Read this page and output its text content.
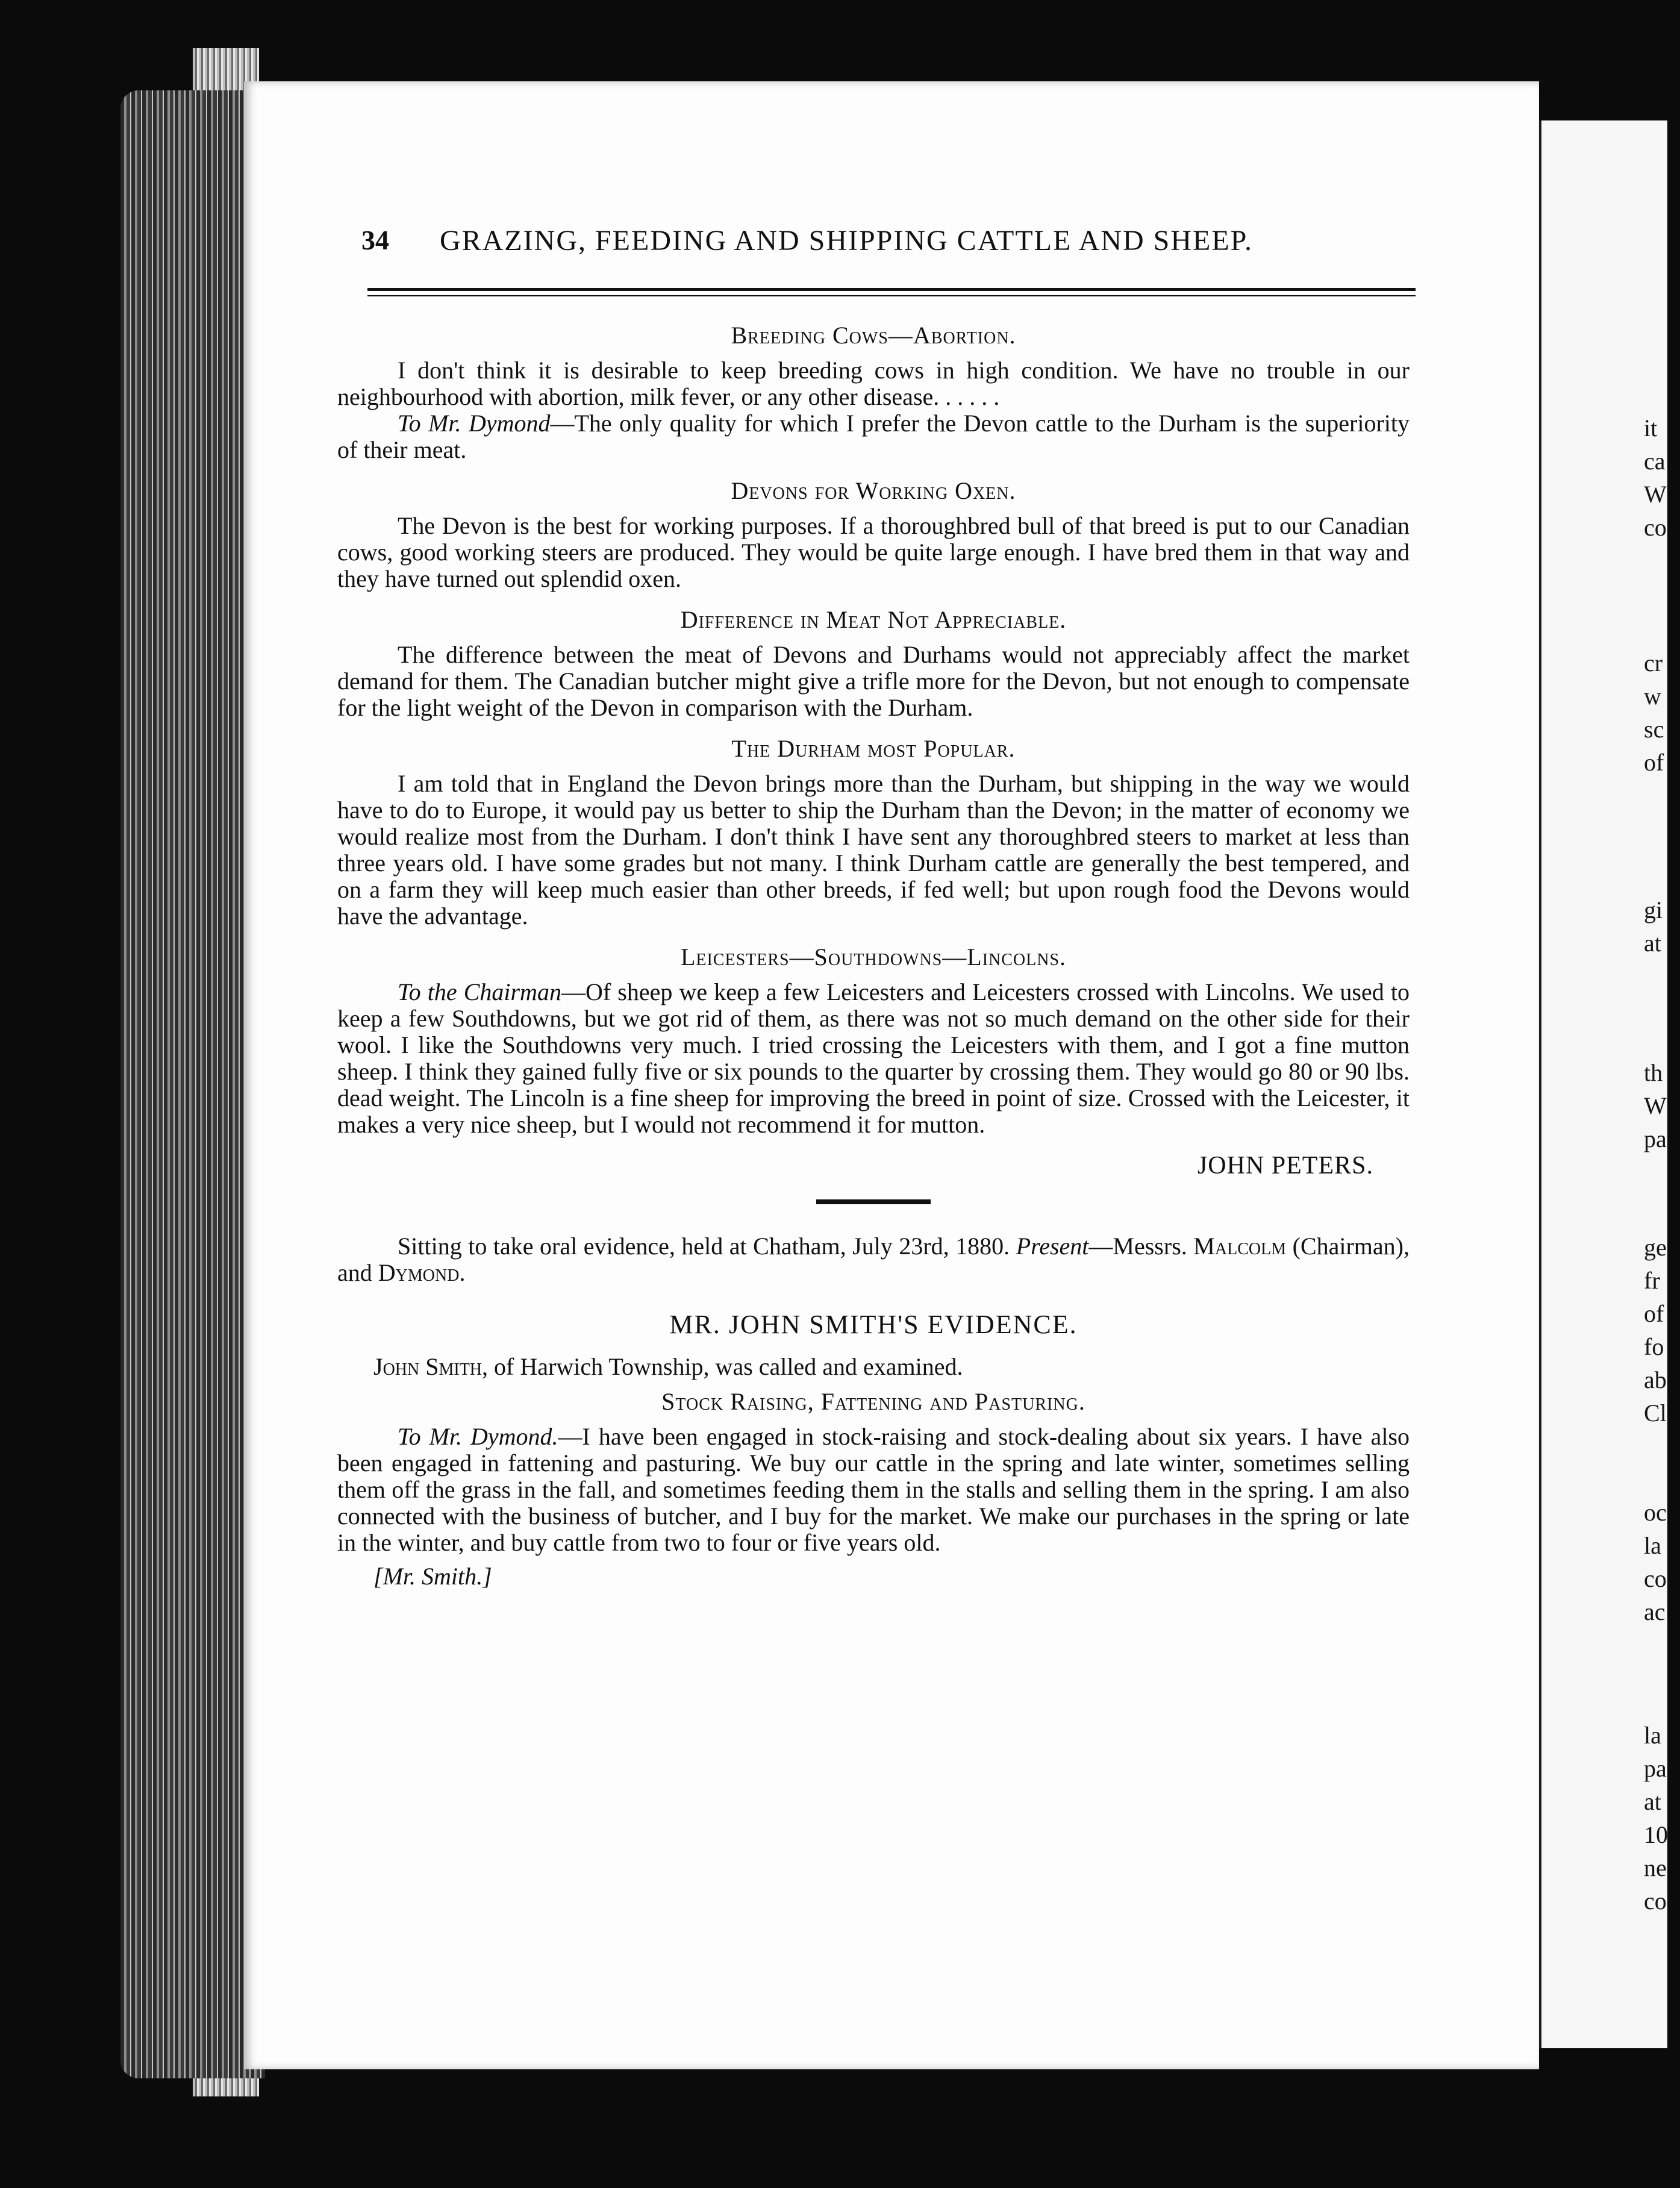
it
ca
W
co
cr
w
sc
of
gi
at
th
W
pa
ge
fr
of
fo
ab
Cl
oc
la
co
ac
la
pa
at
10
ne
co
34 GRAZING, FEEDING AND SHIPPING CATTLE AND SHEEP.
Breeding Cows—Abortion.

I don't think it is desirable to keep breeding cows in high condition. We have no trouble in our neighbourhood with abortion, milk fever, or any other disease. . . . . .

To Mr. Dymond—The only quality for which I prefer the Devon cattle to the Durham is the superiority of their meat.

Devons for Working Oxen.

The Devon is the best for working purposes. If a thoroughbred bull of that breed is put to our Canadian cows, good working steers are produced. They would be quite large enough. I have bred them in that way and they have turned out splendid oxen.

Difference in Meat Not Appreciable.

The difference between the meat of Devons and Durhams would not appreciably affect the market demand for them. The Canadian butcher might give a trifle more for the Devon, but not enough to compensate for the light weight of the Devon in comparison with the Durham.

The Durham most Popular.

I am told that in England the Devon brings more than the Durham, but shipping in the way we would have to do to Europe, it would pay us better to ship the Durham than the Devon; in the matter of economy we would realize most from the Durham. I don't think I have sent any thoroughbred steers to market at less than three years old. I have some grades but not many. I think Durham cattle are generally the best tempered, and on a farm they will keep much easier than other breeds, if fed well; but upon rough food the Devons would have the advantage.

Leicesters—Southdowns—Lincolns.

To the Chairman—Of sheep we keep a few Leicesters and Leicesters crossed with Lincolns. We used to keep a few Southdowns, but we got rid of them, as there was not so much demand on the other side for their wool. I like the Southdowns very much. I tried crossing the Leicesters with them, and I got a fine mutton sheep. I think they gained fully five or six pounds to the quarter by crossing them. They would go 80 or 90 lbs. dead weight. The Lincoln is a fine sheep for improving the breed in point of size. Crossed with the Leicester, it makes a very nice sheep, but I would not recommend it for mutton.

JOHN PETERS.

Sitting to take oral evidence, held at Chatham, July 23rd, 1880. Present—Messrs. Malcolm (Chairman), and Dymond.

MR. JOHN SMITH'S EVIDENCE.

John Smith, of Harwich Township, was called and examined.

Stock Raising, Fattening and Pasturing.

To Mr. Dymond.—I have been engaged in stock-raising and stock-dealing about six years. I have also been engaged in fattening and pasturing. We buy our cattle in the spring and late winter, sometimes selling them off the grass in the fall, and sometimes feeding them in the stalls and selling them in the spring. I am also connected with the business of butcher, and I buy for the market. We make our purchases in the spring or late in the winter, and buy cattle from two to four or five years old.

[Mr. Smith.]
